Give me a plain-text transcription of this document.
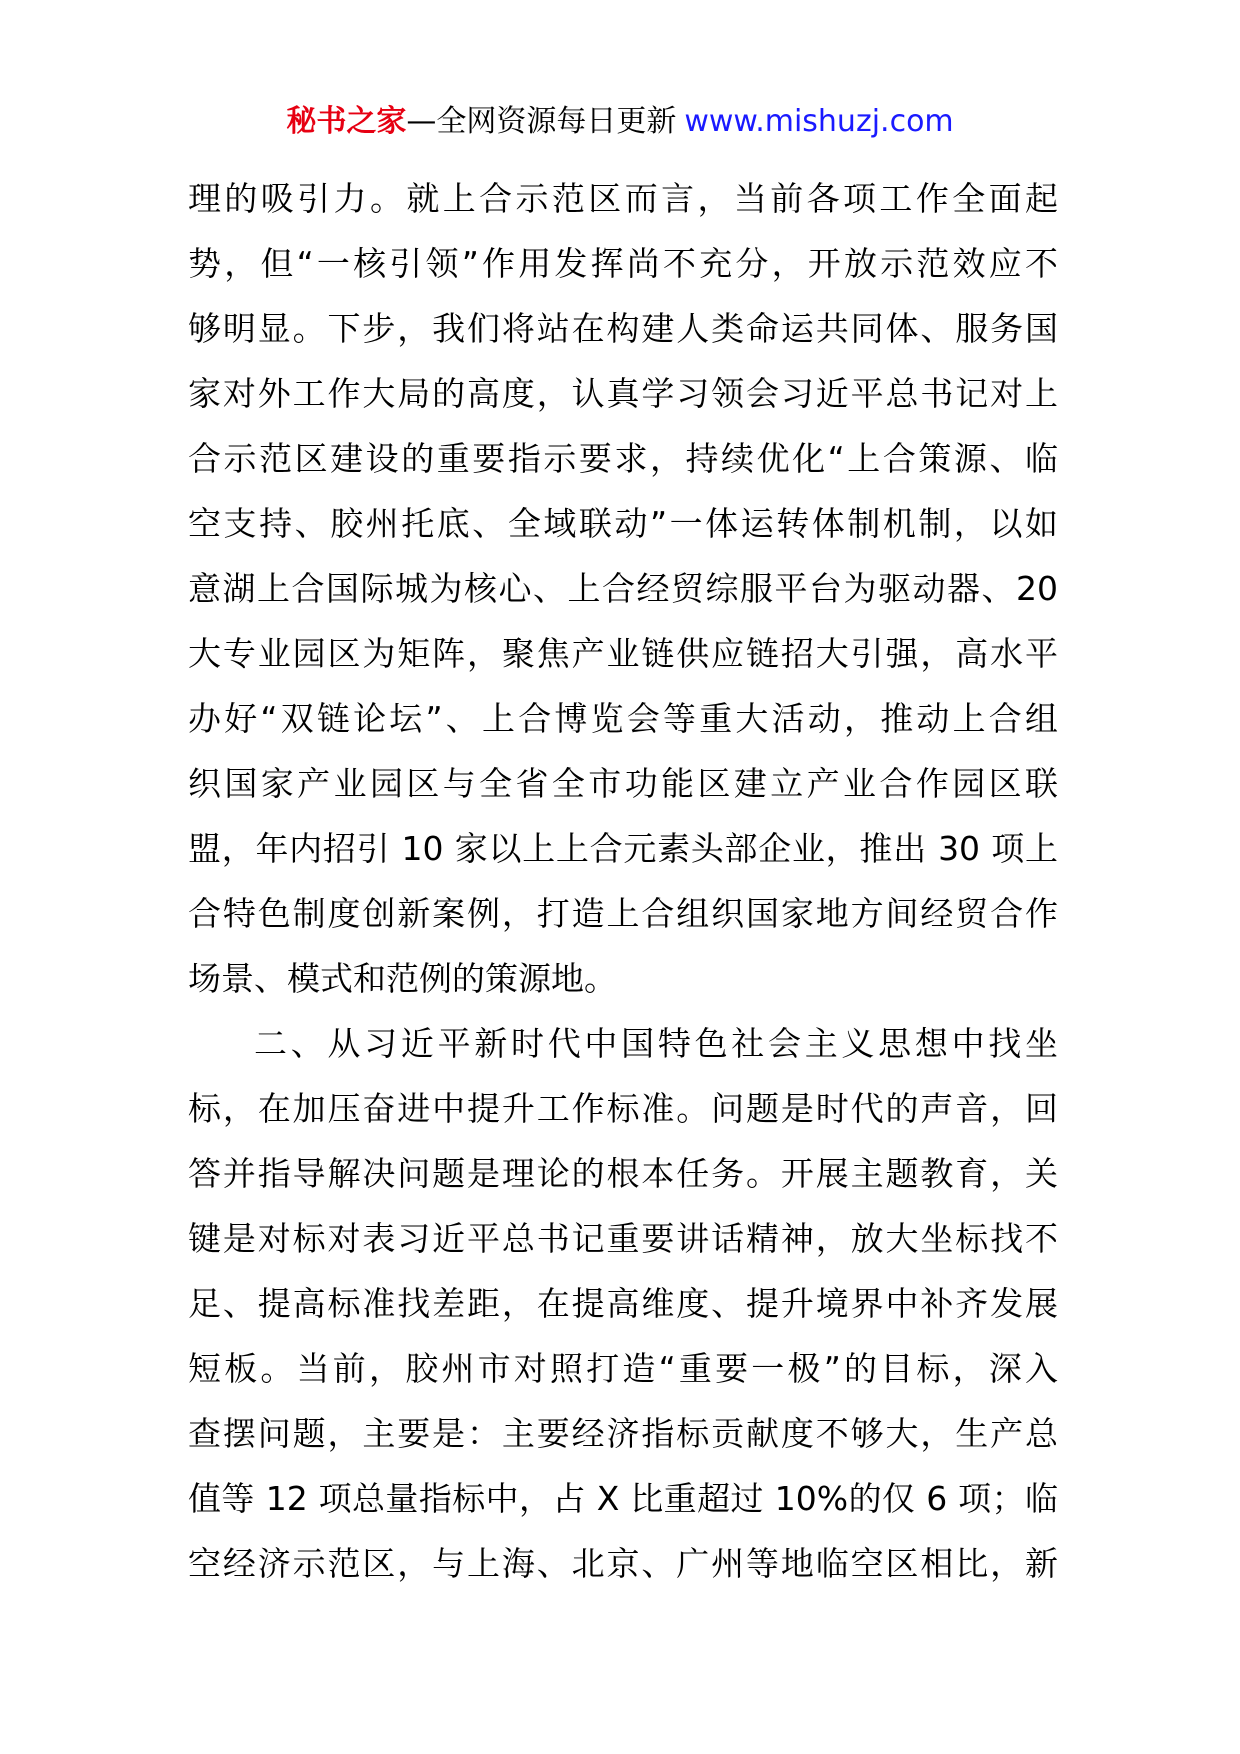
秘书之家—全网资源每日更新 www.mishuzj.com
理的吸引力。就上合示范区而言，当前各项工作全面起
势，但“一核引领”作用发挥尚不充分，开放示范效应不
够明显。下步，我们将站在构建人类命运共同体、服务国
家对外工作大局的高度，认真学习领会习近平总书记对上
合示范区建设的重要指示要求，持续优化“上合策源、临
空支持、胶州托底、全域联动”一体运转体制机制，以如
意湖上合国际城为核心、上合经贸综服平台为驱动器、20
大专业园区为矩阵，聚焦产业链供应链招大引强，高水平
办好“双链论坛”、上合博览会等重大活动，推动上合组
织国家产业园区与全省全市功能区建立产业合作园区联
盟，年内招引 10 家以上上合元素头部企业，推出 30 项上
合特色制度创新案例，打造上合组织国家地方间经贸合作
场景、模式和范例的策源地。
二、从习近平新时代中国特色社会主义思想中找坐
标，在加压奋进中提升工作标准。问题是时代的声音，回
答并指导解决问题是理论的根本任务。开展主题教育，关
键是对标对表习近平总书记重要讲话精神，放大坐标找不
足、提高标准找差距，在提高维度、提升境界中补齐发展
短板。当前，胶州市对照打造“重要一极”的目标，深入
查摆问题，主要是：主要经济指标贡献度不够大，生产总
值等 12 项总量指标中，占 X 比重超过 10%的仅 6 项；临
空经济示范区，与上海、北京、广州等地临空区相比，新
